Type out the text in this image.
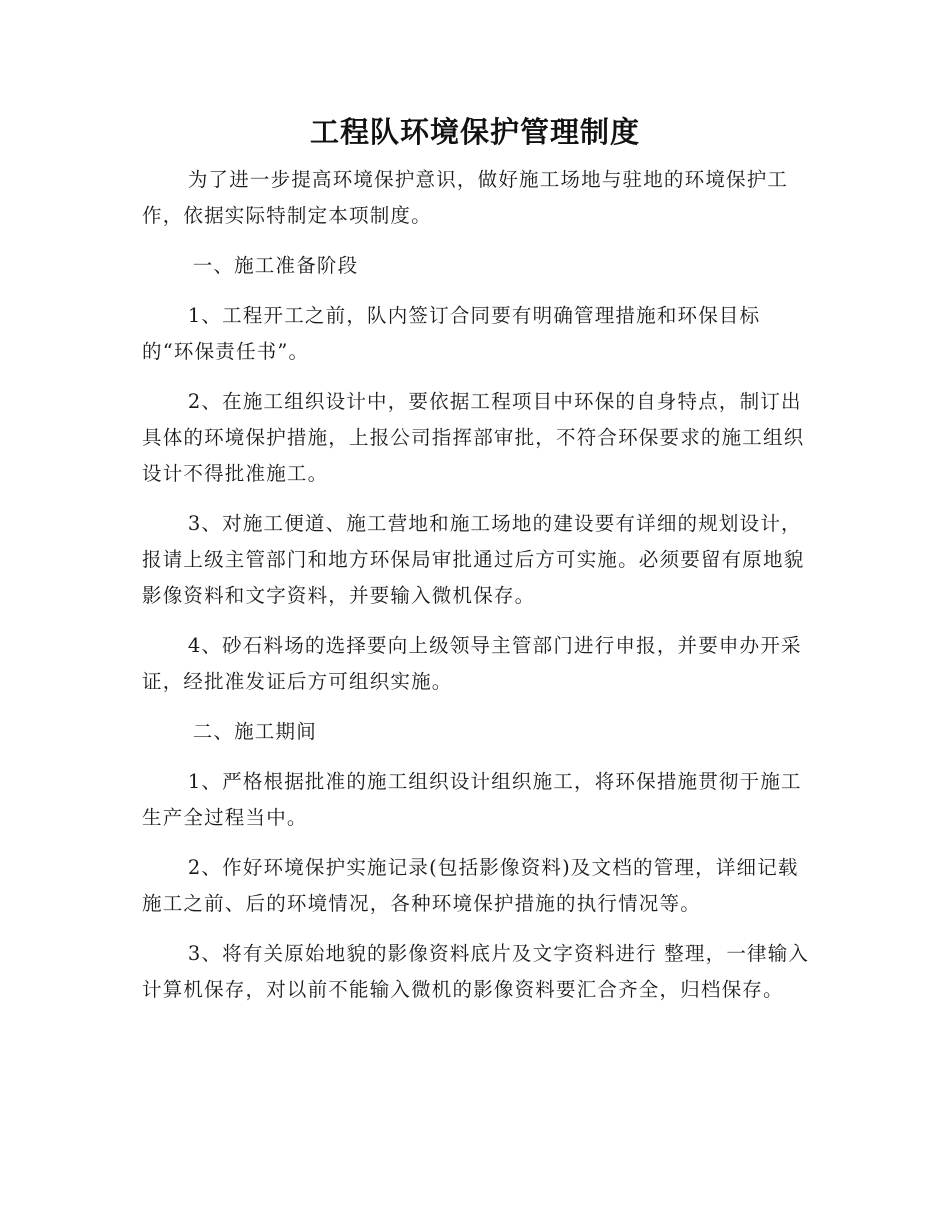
工程队环境保护管理制度

为了进一步提高环境保护意识，做好施工场地与驻地的环境保护工作，依据实际特制定本项制度。

一、施工准备阶段

1、工程开工之前，队内签订合同要有明确管理措施和环保目标的“环保责任书”。

2、在施工组织设计中，要依据工程项目中环保的自身特点，制订出具体的环境保护措施，上报公司指挥部审批，不符合环保要求的施工组织设计不得批准施工。

3、对施工便道、施工营地和施工场地的建设要有详细的规划设计，报请上级主管部门和地方环保局审批通过后方可实施。必须要留有原地貌影像资料和文字资料，并要输入微机保存。

4、砂石料场的选择要向上级领导主管部门进行申报，并要申办开采证，经批准发证后方可组织实施。

二、施工期间

1、严格根据批准的施工组织设计组织施工，将环保措施贯彻于施工生产全过程当中。

2、作好环境保护实施记录(包括影像资料)及文档的管理，详细记载施工之前、后的环境情况，各种环境保护措施的执行情况等。

3、将有关原始地貌的影像资料底片及文字资料进行 整理，一律输入计算机保存，对以前不能输入微机的影像资料要汇合齐全，归档保存。
